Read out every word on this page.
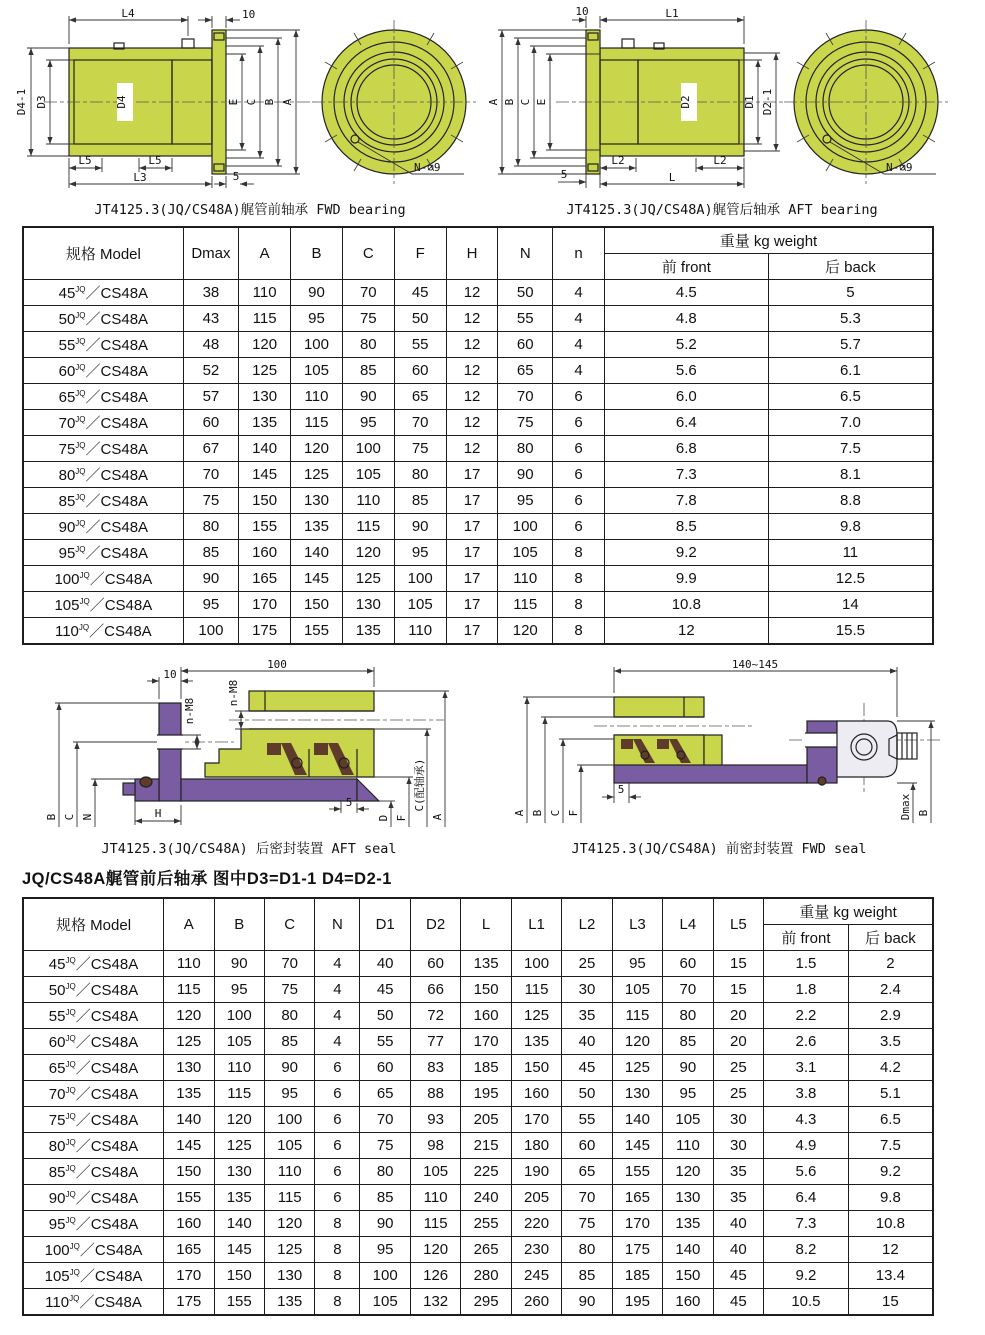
L4	10
D4-1 D3	D4	E C B A
L5	L5
L3	5
N-∅9
JT4125.3(JQ/CS48A)艉管前轴承 FWD bearing
10	L1
A B C E	D2	D1 D2-1
5
L2	L2
L
N-∅9
JT4125.3(JQ/CS48A)艉管后轴承 AFT bearing
规格 Model	Dmax	A	B	C	F	H	N	n	重量 kg weight	
									前 front	后 back
$45^{JQ}/CS48A$	38	110	90	70	45	12	50	4	4.5	5
$50^{JQ}/CS48A$	43	115	95	75	50	12	55	4	4.8	5.3
$55^{JQ}/CS48A$	48	120	100	80	55	12	60	4	5.2	5.7
$60^{JQ}/CS48A$	52	125	105	85	60	12	65	4	5.6	6.1
$65^{JQ}/CS48A$	57	130	110	90	65	12	70	6	6.0	6.5
$70^{JQ}/CS48A$	60	135	115	95	70	12	75	6	6.4	7.0
$75^{JQ}/CS48A$	67	140	120	100	75	12	80	6	6.8	7.5
$80^{JQ}/CS48A$	70	145	125	105	80	17	90	6	7.3	8.1
$85^{JQ}/CS48A$	75	150	130	110	85	17	95	6	7.8	8.8
$90^{JQ}/CS48A$	80	155	135	115	90	17	100	6	8.5	9.8
$95^{JQ}/CS48A$	85	160	140	120	95	17	105	8	9.2	11
$100^{JQ}/CS48A$	90	165	145	125	100	17	110	8	9.9	12.5
$105^{JQ}/CS48A$	95	170	150	130	105	17	115	8	10.8	14
$110^{JQ}/CS48A$	100	175	155	135	110	17	120	8	12	15.5
100
10
n-M8
n-M8
H
5
B C N	D F
C(配轴承)
A
JT4125.3(JQ/CS48A) 后密封装置 AFT seal
140~145
5
A B C F	Dmax B
JT4125.3(JQ/CS48A) 前密封装置 FWD seal
JQ/CS48A艉管前后轴承 图中D3=D1-1 D4=D2-1
规格 Model	A	B	C	N	D1	D2	L	L1	L2	L3	L4	L5	重量 kg weight	
													前 front	后 back
$45^{JQ}/CS48A$	110	90	70	4	40	60	135	100	25	95	60	15	1.5	2
$50^{JQ}/CS48A$	115	95	75	4	45	66	150	115	30	105	70	15	1.8	2.4
$55^{JQ}/CS48A$	120	100	80	4	50	72	160	125	35	115	80	20	2.2	2.9
$60^{JQ}/CS48A$	125	105	85	4	55	77	170	135	40	120	85	20	2.6	3.5
$65^{JQ}/CS48A$	130	110	90	6	60	83	185	150	45	125	90	25	3.1	4.2
$70^{JQ}/CS48A$	135	115	95	6	65	88	195	160	50	130	95	25	3.8	5.1
$75^{JQ}/CS48A$	140	120	100	6	70	93	205	170	55	140	105	30	4.3	6.5
$80^{JQ}/CS48A$	145	125	105	6	75	98	215	180	60	145	110	30	4.9	7.5
$85^{JQ}/CS48A$	150	130	110	6	80	105	225	190	65	155	120	35	5.6	9.2
$90^{JQ}/CS48A$	155	135	115	6	85	110	240	205	70	165	130	35	6.4	9.8
$95^{JQ}/CS48A$	160	140	120	8	90	115	255	220	75	170	135	40	7.3	10.8
$100^{JQ}/CS48A$	165	145	125	8	95	120	265	230	80	175	140	40	8.2	12
$105^{JQ}/CS48A$	170	150	130	8	100	126	280	245	85	185	150	45	9.2	13.4
$110^{JQ}/CS48A$	175	155	135	8	105	132	295	260	90	195	160	45	10.5	15
